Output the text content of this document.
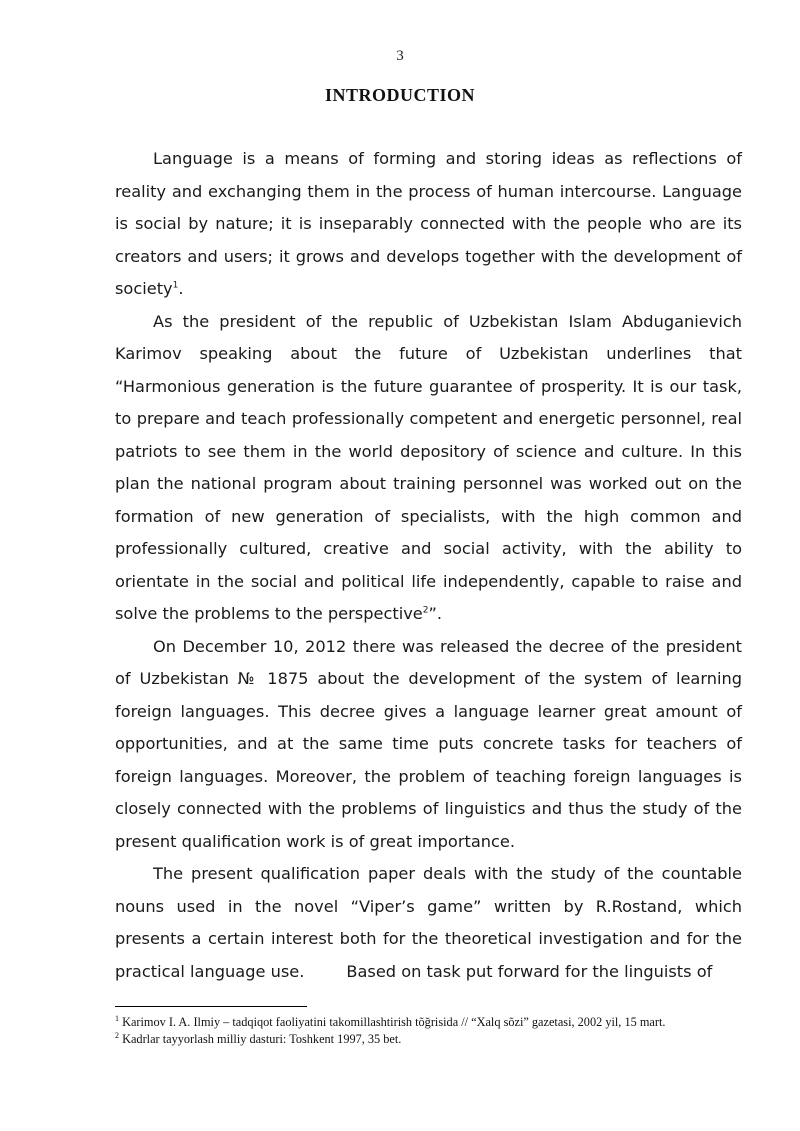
3
INTRODUCTION

Language is a means of forming and storing ideas as reflections of reality and exchanging them in the process of human intercourse. Language is social by nature; it is inseparably connected with the people who are its creators and users; it grows and develops together with the development of society$^1$.

As the president of the republic of Uzbekistan Islam Abduganievich Karimov speaking about the future of Uzbekistan underlines that “Harmonious generation is the future guarantee of prosperity. It is our task, to prepare and teach professionally competent and energetic personnel, real patriots to see them in the world depository of science and culture. In this plan the national program about training personnel was worked out on the formation of new generation of specialists, with the high common and professionally cultured, creative and social activity, with the ability to orientate in the social and political life independently, capable to raise and solve the problems to the perspective$^2$”.

On December 10, 2012 there was released the decree of the president of Uzbekistan № 1875 about the development of the system of learning foreign languages. This decree gives a language learner great amount of opportunities, and at the same time puts concrete tasks for teachers of foreign languages. Moreover, the problem of teaching foreign languages is closely connected with the problems of linguistics and thus the study of the present qualification work is of great importance.

The present qualification paper deals with the study of the countable nouns used in the novel “Viper’s game” written by R.Rostand, which presents a certain interest both for the theoretical investigation and for the practical language use.	Based on task put forward for the linguists of

$^1$ Karimov I. A. Ilmiy – tadqiqot faoliyatini takomillashtirish tõğrisida // “Xalq sõzi” gazetasi, 2002 yil, 15 mart.

$^2$ Kadrlar tayyorlash milliy dasturi: Toshkent 1997, 35 bet.
